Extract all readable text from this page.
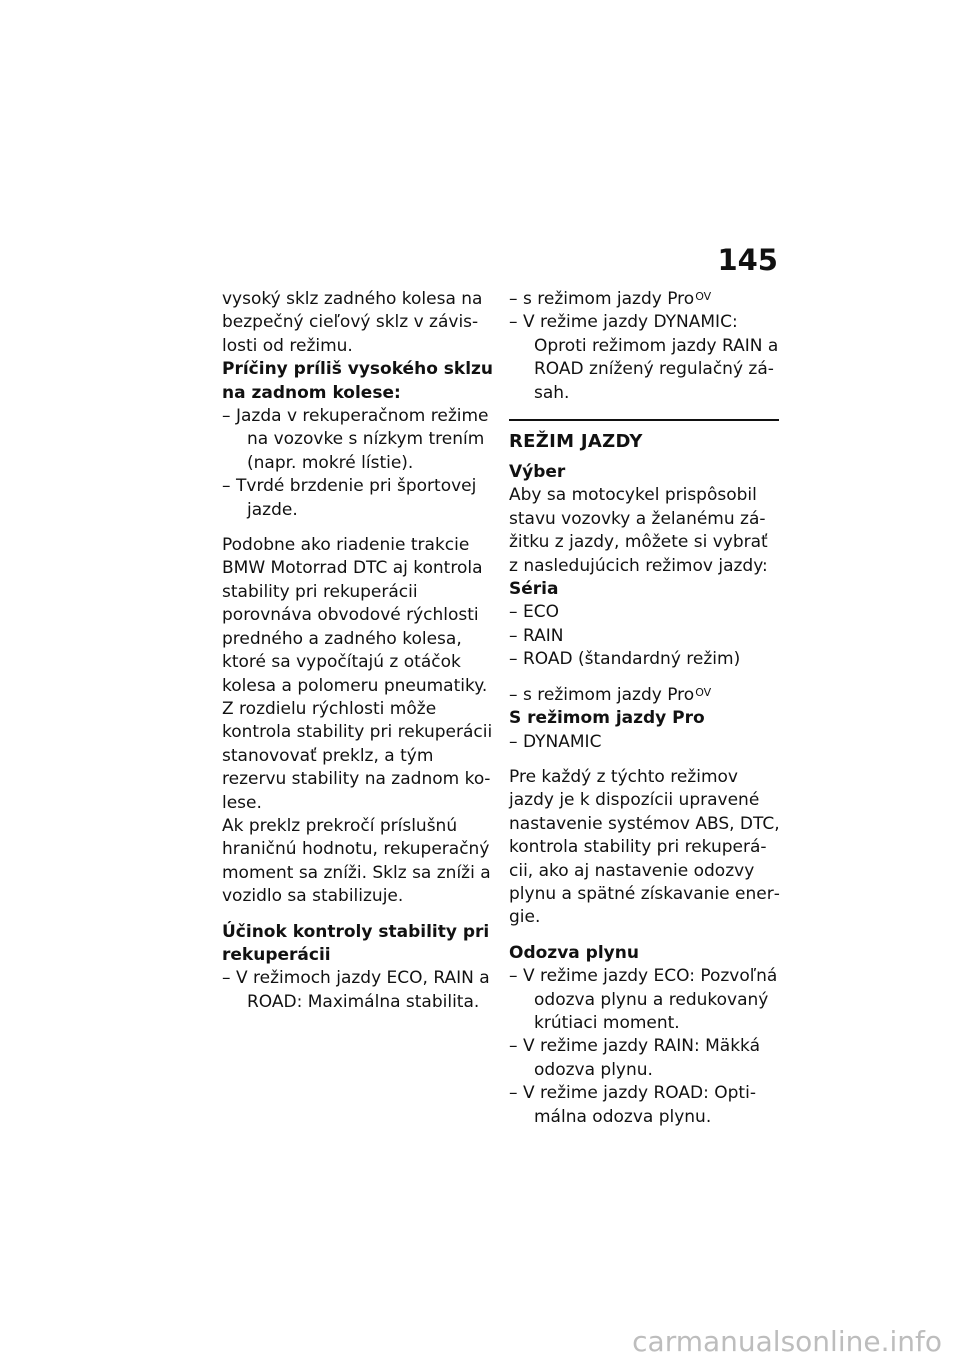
145

vysoký sklz zadného kolesa na bezpečný cieľový sklz v závislosti od režimu.

Príčiny príliš vysokého sklzu na zadnom kolese:

– Jazda v rekuperačnom režime na vozovke s nízkym trením (napr. mokré lístie).
– Tvrdé brzdenie pri športovej jazde.

Podobne ako riadenie trakcie BMW Motorrad DTC aj kontrola stability pri rekuperácii porovnáva obvodové rýchlosti predného a zadného kolesa, ktoré sa vypočítajú z otáčok kolesa a polomeru pneumatiky. Z rozdielu rýchlosti môže kontrola stability pri rekuperácii stanovovať preklz, a tým rezervu stability na zadnom kolese.

Ak preklz prekročí príslušnú hraničnú hodnotu, rekuperačný moment sa zníži. Sklz sa zníži a vozidlo sa stabilizuje.

Účinok kontroly stability pri rekuperácii

– V režimoch jazdy ECO, RAIN a ROAD: Maximálna stabilita.
– s režimom jazdy Pro$^{OV}$
– V režime jazdy DYNAMIC: Oproti režimom jazdy RAIN a ROAD znížený regulačný zásah.

REŽIM JAZDY

Výber

Aby sa motocykel prispôsobil stavu vozovky a želanému zážitku z jazdy, môžete si vybrať z nasledujúcich režimov jazdy:

Séria

– ECO
– RAIN
– ROAD (štandardný režim)
– s režimom jazdy Pro$^{OV}$

S režimom jazdy Pro

– DYNAMIC

Pre každý z týchto režimov jazdy je k dispozícii upravené nastavenie systémov ABS, DTC, kontrola stability pri rekuperácii, ako aj nastavenie odozvy plynu a spätné získavanie energie.

Odozva plynu

– V režime jazdy ECO: Pozvoľná odozva plynu a redukovaný krútiaci moment.
– V režime jazdy RAIN: Mäkká odozva plynu.
– V režime jazdy ROAD: Optimálna odozva plynu.
carmanualsonline.info
